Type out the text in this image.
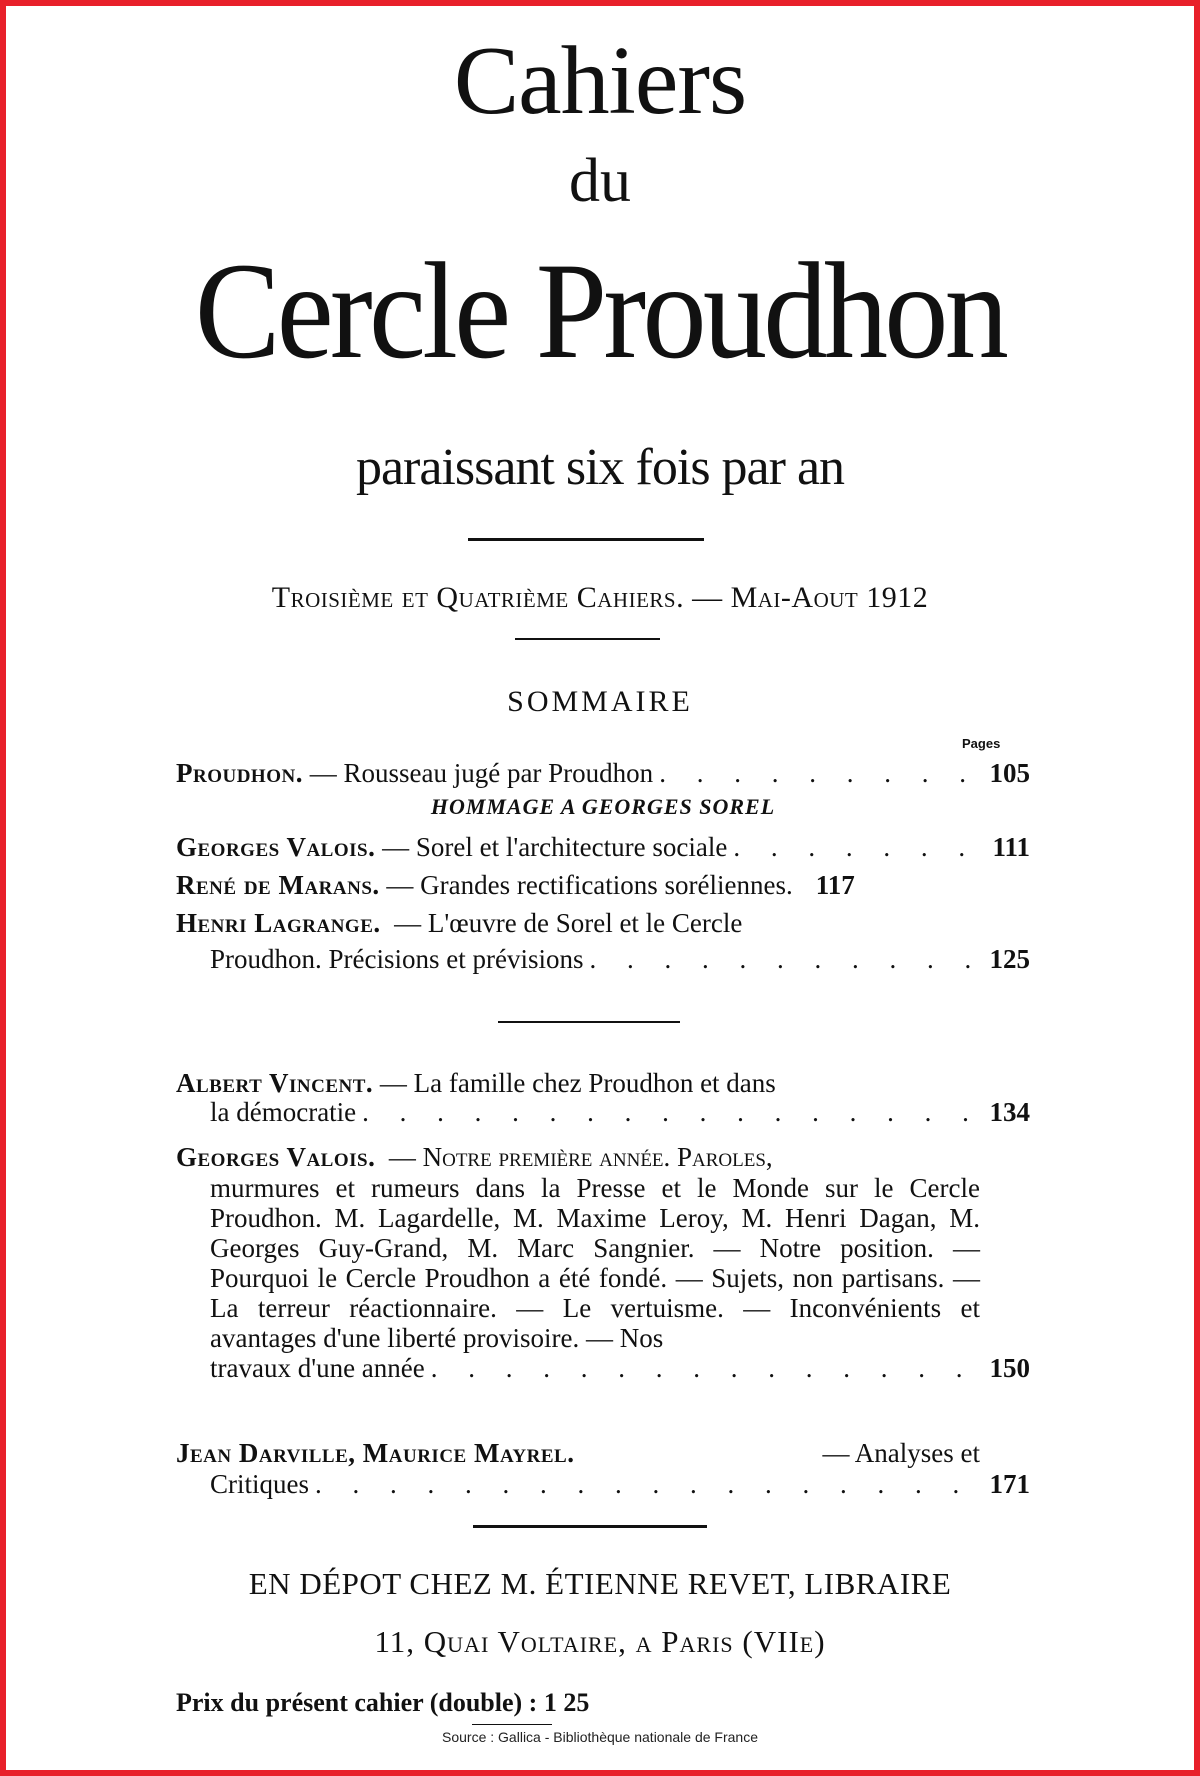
Cahiers
du
Cercle Proudhon
paraissant six fois par an
Troisième et Quatrième Cahiers. — Mai-Aout 1912
SOMMAIRE
Pages
Proudhon.
— Rousseau jugé par Proudhon . . .	105
HOMMAGE A GEORGES SOREL
Georges Valois.
— Sorel et l'architecture sociale . . .	111
René de Marans.
— Grandes rectifications soréliennes. . . . 117
Henri Lagrange. — L'œuvre de Sorel et le Cercle
Proudhon. Précisions et prévisions . . .	125
Albert Vincent.
— La famille chez Proudhon et dans
la démocratie . . .	134
Georges Valois.
— Notre première année. Paroles,
murmures et rumeurs dans la Presse et le Monde sur le Cercle Proudhon. M. Lagardelle, M. Maxime Leroy, M. Henri Dagan, M. Georges Guy-Grand, M. Marc Sangnier. — Notre position. — Pourquoi le Cercle Proudhon a été fondé. — Sujets, non partisans. — La terreur réactionnaire. — Le vertuisme. — Inconvénients et avantages d'une liberté provisoire. — Nos
travaux d'une année . . .	150
Jean Darville, Maurice Mayrel.	— Analyses et
Critiques . . .	171
EN DÉPOT CHEZ M. ÉTIENNE REVET, LIBRAIRE
11, Quai Voltaire, a Paris (VIIe)
Prix du présent cahier (double) : 1 25
Source : Gallica - Bibliothèque nationale de France
